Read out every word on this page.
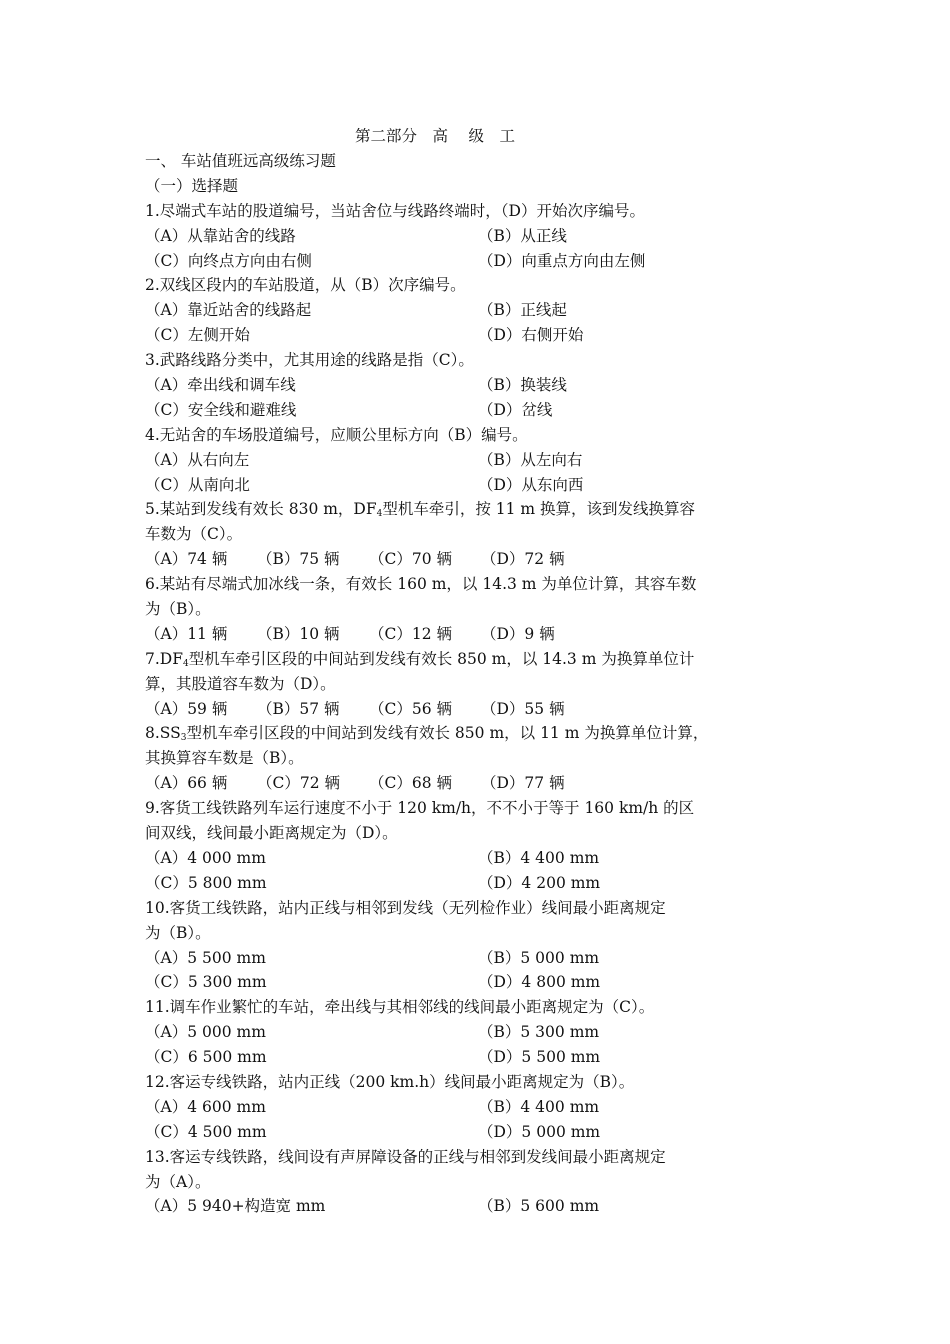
第二部分　高　 级　工
一、 车站值班远高级练习题
（一）选择题
1.尽端式车站的股道编号，当站舍位与线路终端时，（D）开始次序编号。
（A）从靠站舍的线路	（B）从正线
（C）向终点方向由右侧	（D）向重点方向由左侧
2.双线区段内的车站股道，从（B）次序编号。
（A）靠近站舍的线路起	（B）正线起
（C）左侧开始	（D）右侧开始
3.武路线路分类中，尤其用途的线路是指（C）。
（A）牵出线和调车线	（B）换装线
（C）安全线和避难线	（D）岔线
4.无站舍的车场股道编号，应顺公里标方向（B）编号。
（A）从右向左	（B）从左向右
（C）从南向北	（D）从东向西
5.某站到发线有效长 830 m，$DF_4$型机车牵引，按 11 m 换算，该到发线换算容
车数为（C）。
（A）74 辆 （B）75 辆 （C）70 辆 （D）72 辆
6.某站有尽端式加冰线一条，有效长 160 m，以 14.3 m 为单位计算，其容车数
为（B）。
（A）11 辆 （B）10 辆 （C）12 辆 （D）9 辆
$7.DF_4$型机车牵引区段的中间站到发线有效长 850 m，以 14.3 m 为换算单位计
算，其股道容车数为（D）。
（A）59 辆 （B）57 辆 （C）56 辆 （D）55 辆
$8.SS_3$型机车牵引区段的中间站到发线有效长 850 m，以 11 m 为换算单位计算，
其换算容车数是（B）。
（A）66 辆 （C）72 辆 （C）68 辆 （D）77 辆
9.客货工线铁路列车运行速度不小于 120 km/h，不不小于等于 160 km/h 的区
间双线，线间最小距离规定为（D）。
（A）4 000 mm	（B）4 400 mm
（C）5 800 mm	（D）4 200 mm
10.客货工线铁路，站内正线与相邻到发线（无列检作业）线间最小距离规定
为（B）。
（A）5 500 mm	（B）5 000 mm
（C）5 300 mm	（D）4 800 mm
11.调车作业繁忙的车站，牵出线与其相邻线的线间最小距离规定为（C）。
（A）5 000 mm	（B）5 300 mm
（C）6 500 mm	（D）5 500 mm
12.客运专线铁路，站内正线（200 km.h）线间最小距离规定为（B）。
（A）4 600 mm	（B）4 400 mm
（C）4 500 mm	（D）5 000 mm
13.客运专线铁路，线间设有声屏障设备的正线与相邻到发线间最小距离规定
为（A）。
（A）5 940+构造宽 mm	（B）5 600 mm
